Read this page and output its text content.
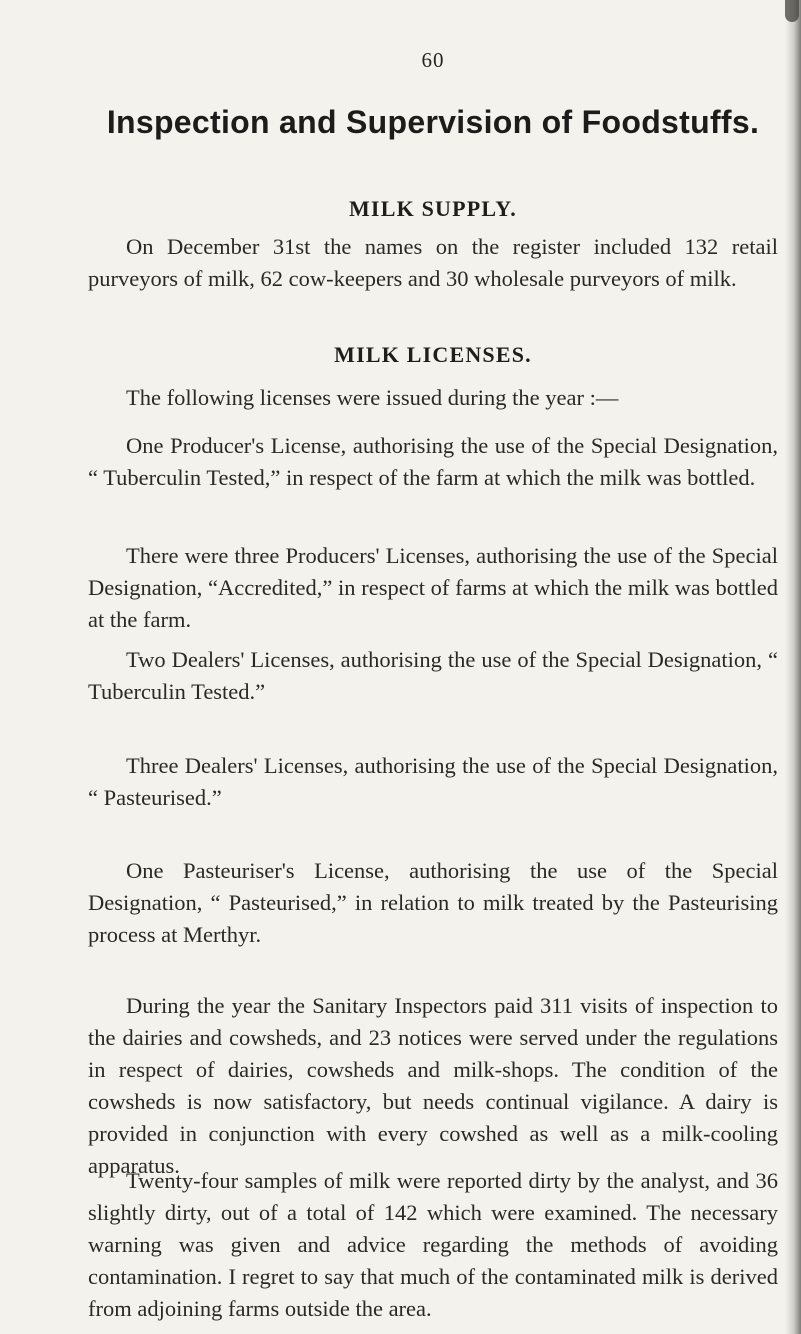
60
Inspection and Supervision of Foodstuffs.
MILK SUPPLY.

On December 31st the names on the register included 132 retail purveyors of milk, 62 cow-keepers and 30 wholesale purveyors of milk.

MILK LICENSES.

The following licenses were issued during the year :—

One Producer's License, authorising the use of the Special Designation, “ Tuberculin Tested,” in respect of the farm at which the milk was bottled.

There were three Producers' Licenses, authorising the use of the Special Designation, “Accredited,” in respect of farms at which the milk was bottled at the farm.

Two Dealers' Licenses, authorising the use of the Special Designation, “ Tuberculin Tested.”

Three Dealers' Licenses, authorising the use of the Special Designation, “ Pasteurised.”

One Pasteuriser's License, authorising the use of the Special Designation, “ Pasteurised,” in relation to milk treated by the Pasteurising process at Merthyr.

During the year the Sanitary Inspectors paid 311 visits of inspection to the dairies and cowsheds, and 23 notices were served under the regulations in respect of dairies, cowsheds and milk-shops. The condition of the cowsheds is now satisfactory, but needs continual vigilance. A dairy is provided in conjunction with every cowshed as well as a milk-cooling apparatus.

Twenty-four samples of milk were reported dirty by the analyst, and 36 slightly dirty, out of a total of 142 which were examined. The necessary warning was given and advice regarding the methods of avoiding contamination. I regret to say that much of the contaminated milk is derived from adjoining farms outside the area.
